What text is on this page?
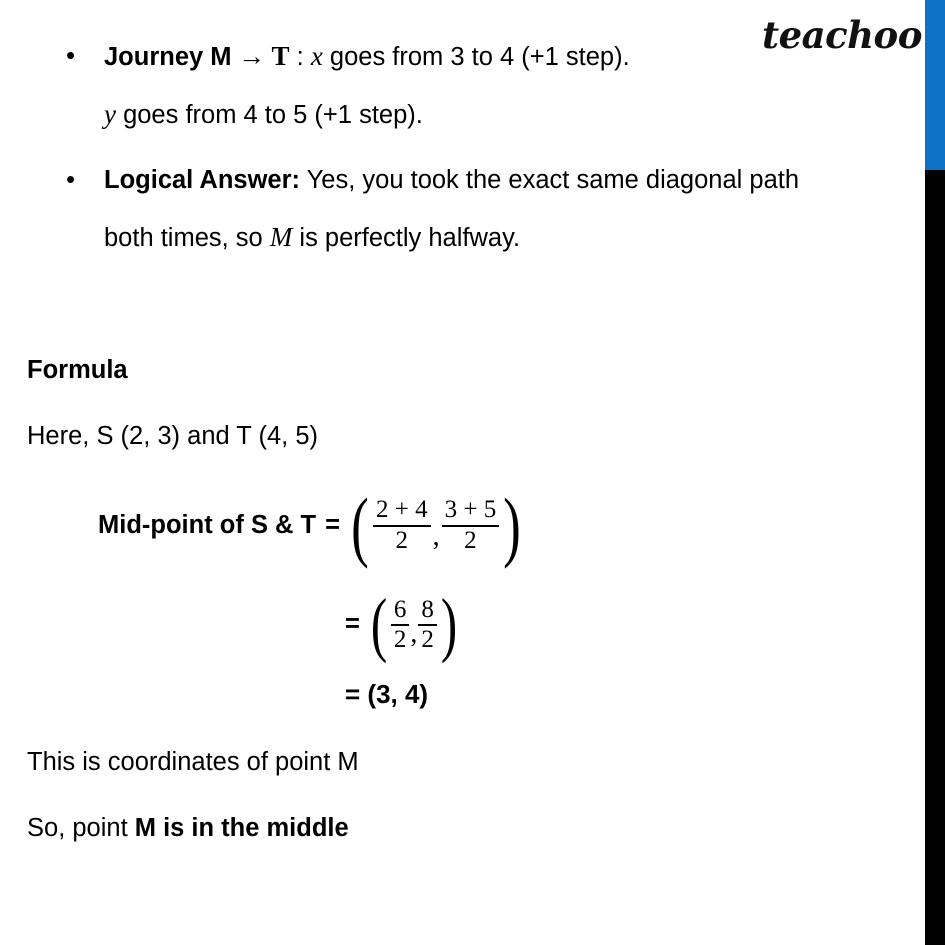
teachoo
•	Journey M → T : x goes from 3 to 4 (+1 step).
y goes from 4 to 5 (+1 step).
•	Logical Answer: Yes, you took the exact same diagonal path
both times, so M is perfectly halfway.
Formula
Here, S (2, 3) and T (4, 5)
Mid-point of S & T = ( $\frac{2 + 4}{2}$ , $\frac{3 + 5}{2}$ )
= ( $\frac{6}{2}$ , $\frac{8}{2}$ )
= (3, 4)
This is coordinates of point M
So, point M is in the middle
